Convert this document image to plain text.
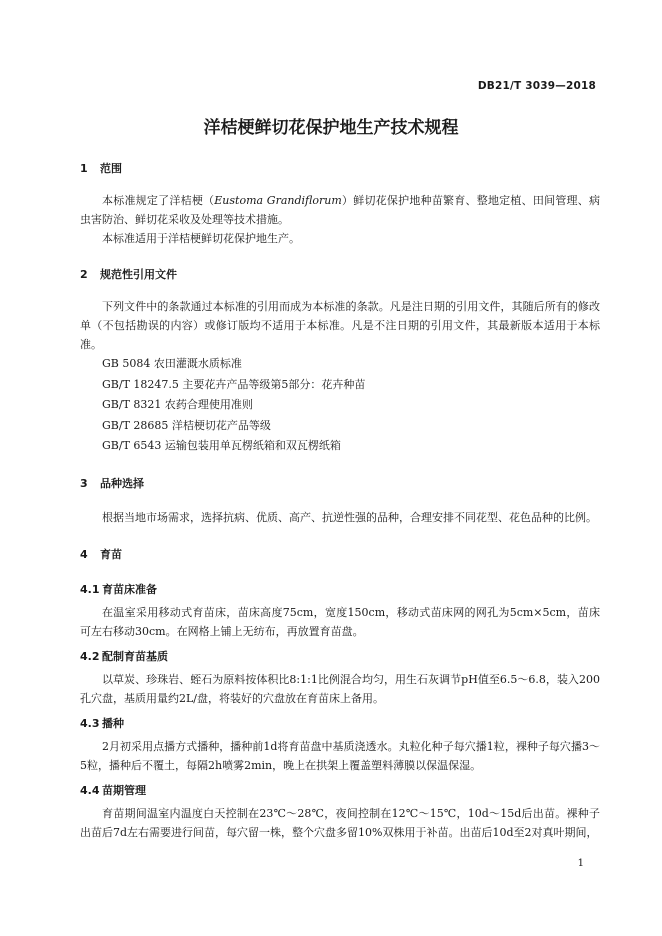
DB21/T 3039—2018
洋桔梗鲜切花保护地生产技术规程
1 范围

本标准规定了洋桔梗（Eustoma Grandiflorum）鲜切花保护地种苗繁育、整地定植、田间管理、病虫害防治、鲜切花采收及处理等技术措施。

本标准适用于洋桔梗鲜切花保护地生产。

2 规范性引用文件

下列文件中的条款通过本标准的引用而成为本标准的条款。凡是注日期的引用文件，其随后所有的修改单（不包括勘误的内容）或修订版均不适用于本标准。凡是不注日期的引用文件，其最新版本适用于本标准。

GB 5084 农田灌溉水质标准
GB/T 18247.5 主要花卉产品等级第5部分：花卉种苗
GB/T 8321 农药合理使用准则
GB/T 28685 洋桔梗切花产品等级
GB/T 6543 运输包装用单瓦楞纸箱和双瓦楞纸箱
3 品种选择

根据当地市场需求，选择抗病、优质、高产、抗逆性强的品种，合理安排不同花型、花色品种的比例。

4 育苗
4.1 育苗床准备

在温室采用移动式育苗床，苗床高度75cm，宽度150cm，移动式苗床网的网孔为5cm×5cm，苗床可左右移动30cm。在网格上铺上无纺布，再放置育苗盘。

4.2 配制育苗基质

以草炭、珍珠岩、蛭石为原料按体积比8:1:1比例混合均匀，用生石灰调节pH值至6.5～6.8，装入200孔穴盘，基质用量约2L/盘，将装好的穴盘放在育苗床上备用。

4.3 播种

2月初采用点播方式播种，播种前1d将育苗盘中基质浇透水。丸粒化种子每穴播1粒，裸种子每穴播3～5粒，播种后不覆土，每隔2h喷雾2min，晚上在拱架上覆盖塑料薄膜以保温保湿。

4.4 苗期管理

育苗期间温室内温度白天控制在23℃～28℃，夜间控制在12℃～15℃，10d～15d后出苗。裸种子出苗后7d左右需要进行间苗，每穴留一株，整个穴盘多留10%双株用于补苗。出苗后10d至2对真叶期间，

1
